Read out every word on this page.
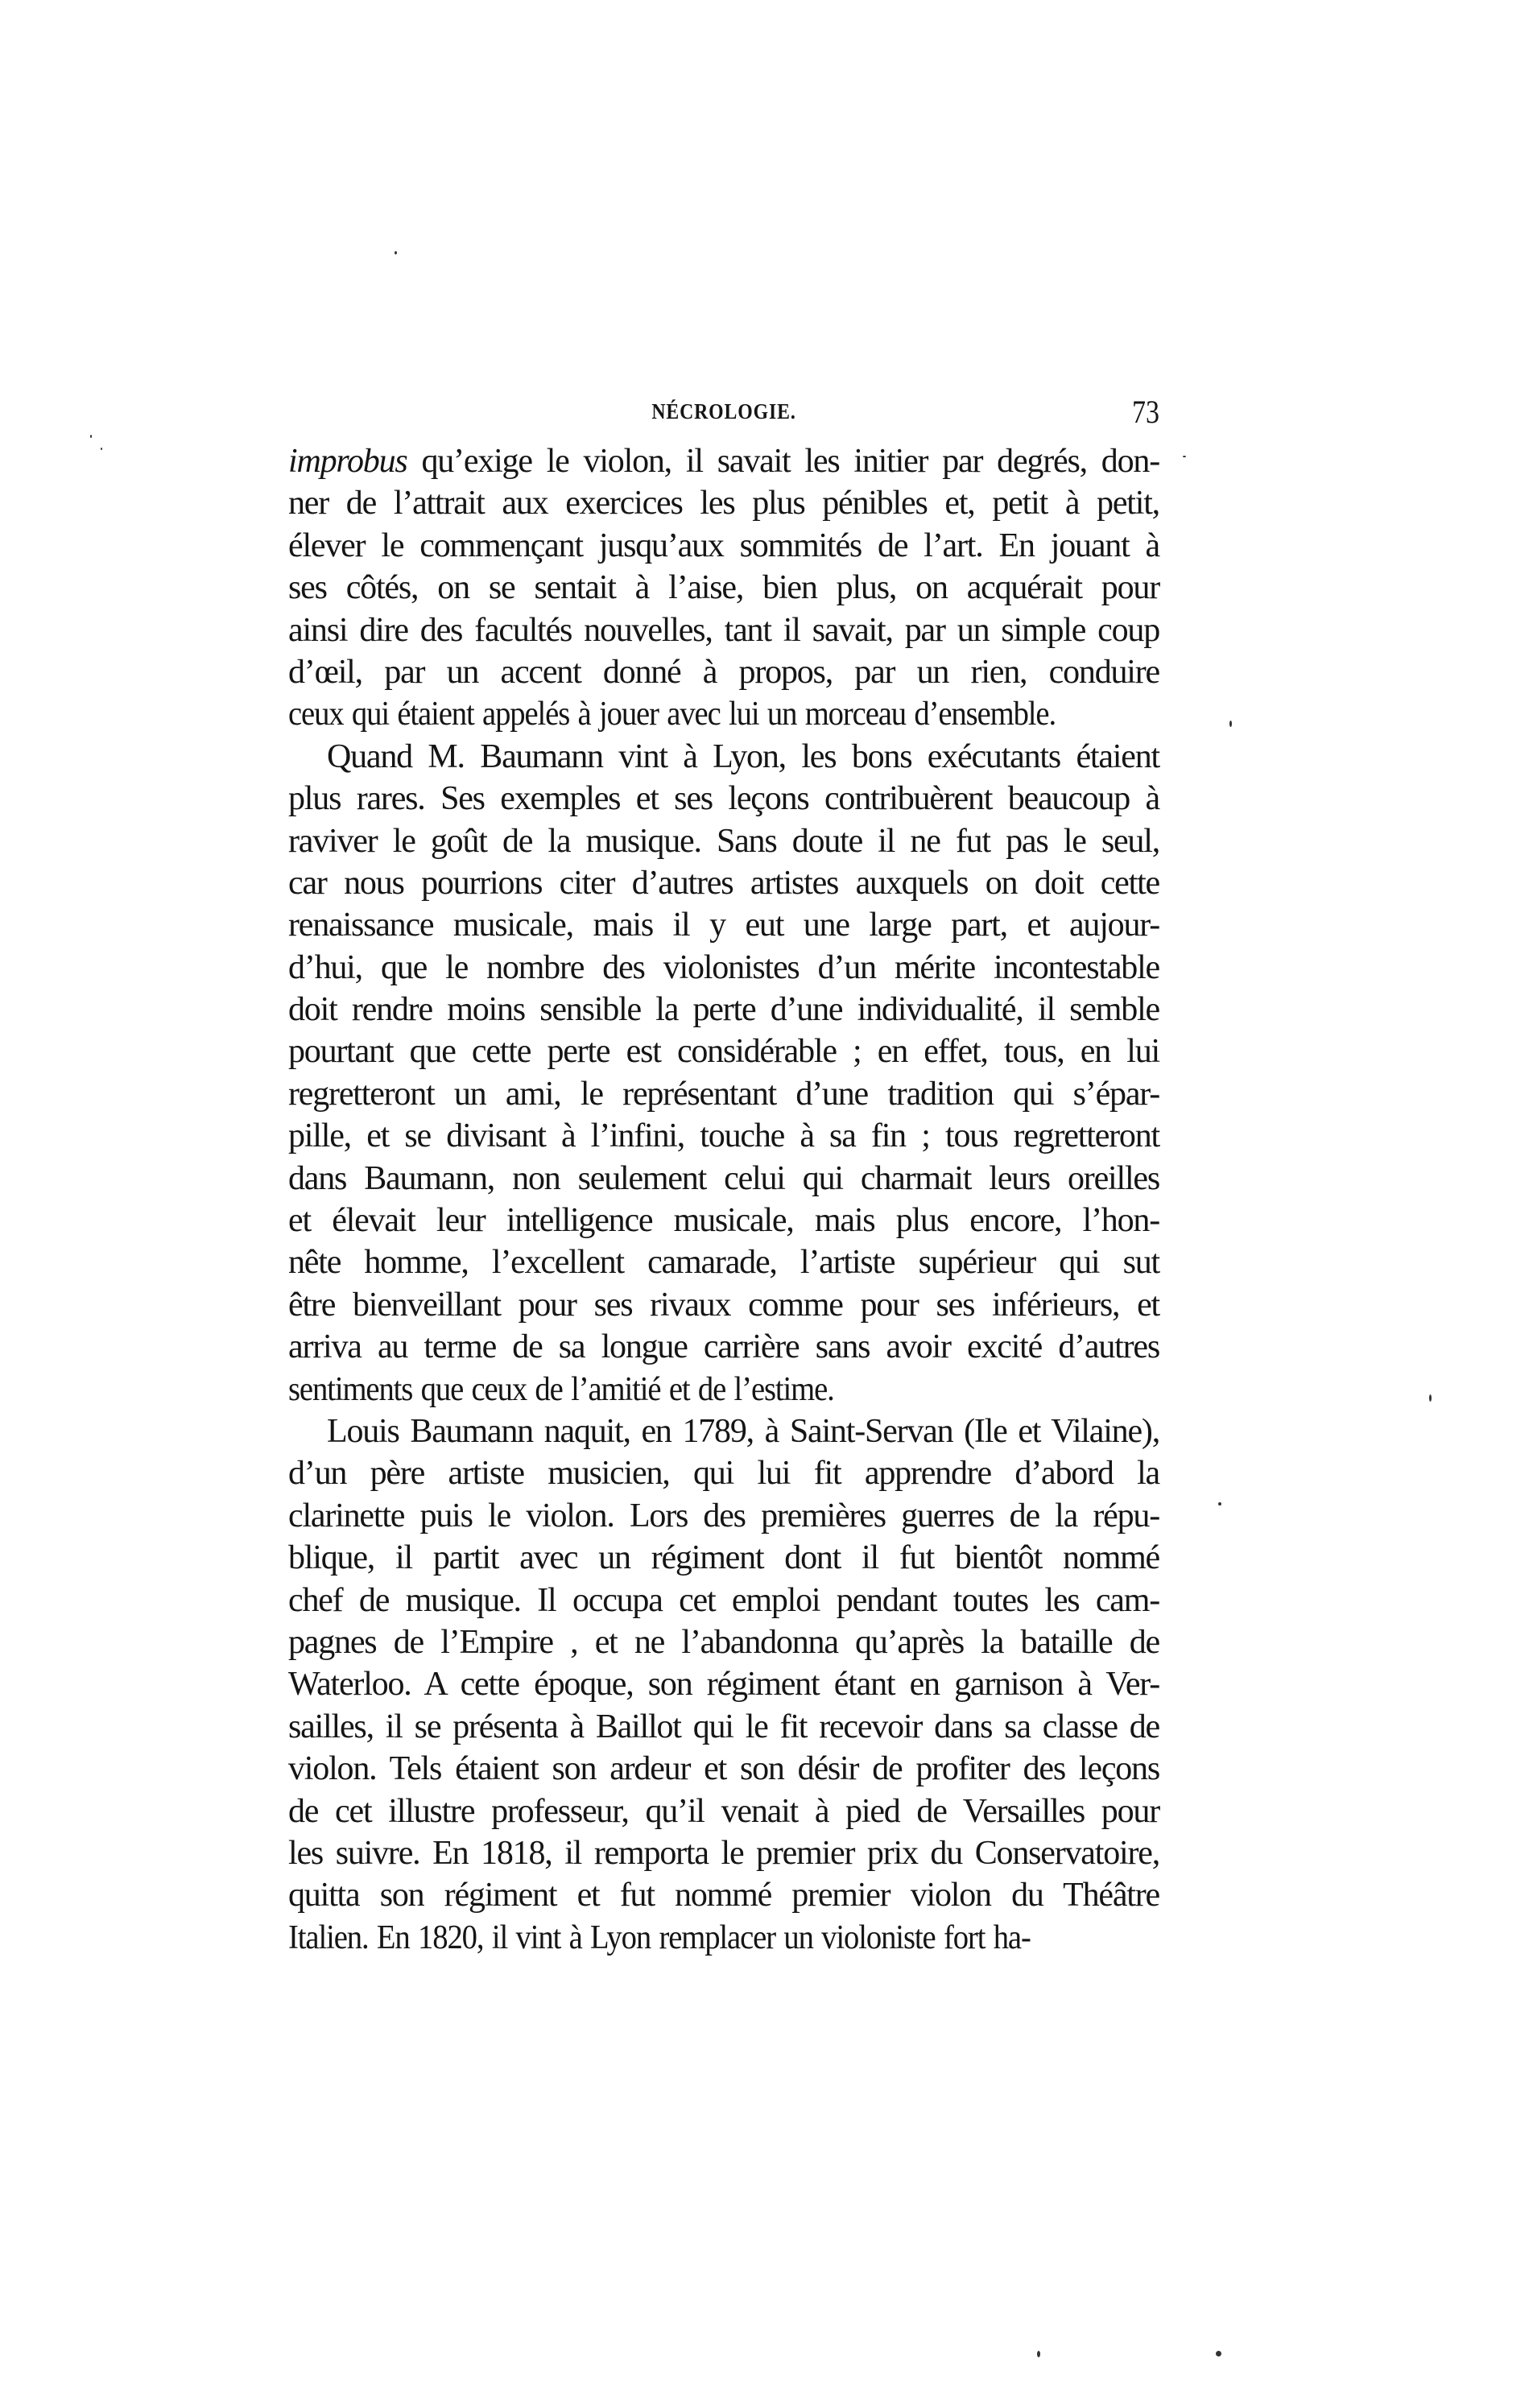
NÉCROLOGIE.	73
improbus qu’exige le violon, il savait les initier par degrés, don-
ner de l’attrait aux exercices les plus pénibles et, petit à petit,
élever le commençant jusqu’aux sommités de l’art. En jouant à
ses côtés, on se sentait à l’aise, bien plus, on acquérait pour
ainsi dire des facultés nouvelles, tant il savait, par un simple coup
d’œil, par un accent donné à propos, par un rien, conduire
ceux qui étaient appelés à jouer avec lui un morceau d’ensemble.
Quand M. Baumann vint à Lyon, les bons exécutants étaient
plus rares. Ses exemples et ses leçons contribuèrent beaucoup à
raviver le goût de la musique. Sans doute il ne fut pas le seul,
car nous pourrions citer d’autres artistes auxquels on doit cette
renaissance musicale, mais il y eut une large part, et aujour-
d’hui, que le nombre des violonistes d’un mérite incontestable
doit rendre moins sensible la perte d’une individualité, il semble
pourtant que cette perte est considérable ; en effet, tous, en lui
regretteront un ami, le représentant d’une tradition qui s’épar-
pille, et se divisant à l’infini, touche à sa fin ; tous regretteront
dans Baumann, non seulement celui qui charmait leurs oreilles
et élevait leur intelligence musicale, mais plus encore, l’hon-
nête homme, l’excellent camarade, l’artiste supérieur qui sut
être bienveillant pour ses rivaux comme pour ses inférieurs, et
arriva au terme de sa longue carrière sans avoir excité d’autres
sentiments que ceux de l’amitié et de l’estime.
Louis Baumann naquit, en 1789, à Saint-Servan (Ile et Vilaine),
d’un père artiste musicien, qui lui fit apprendre d’abord la
clarinette puis le violon. Lors des premières guerres de la répu-
blique, il partit avec un régiment dont il fut bientôt nommé
chef de musique. Il occupa cet emploi pendant toutes les cam-
pagnes de l’Empire , et ne l’abandonna qu’après la bataille de
Waterloo. A cette époque, son régiment étant en garnison à Ver-
sailles, il se présenta à Baillot qui le fit recevoir dans sa classe de
violon. Tels étaient son ardeur et son désir de profiter des leçons
de cet illustre professeur, qu’il venait à pied de Versailles pour
les suivre. En 1818, il remporta le premier prix du Conservatoire,
quitta son régiment et fut nommé premier violon du Théâtre
Italien. En 1820, il vint à Lyon remplacer un violoniste fort ha-
